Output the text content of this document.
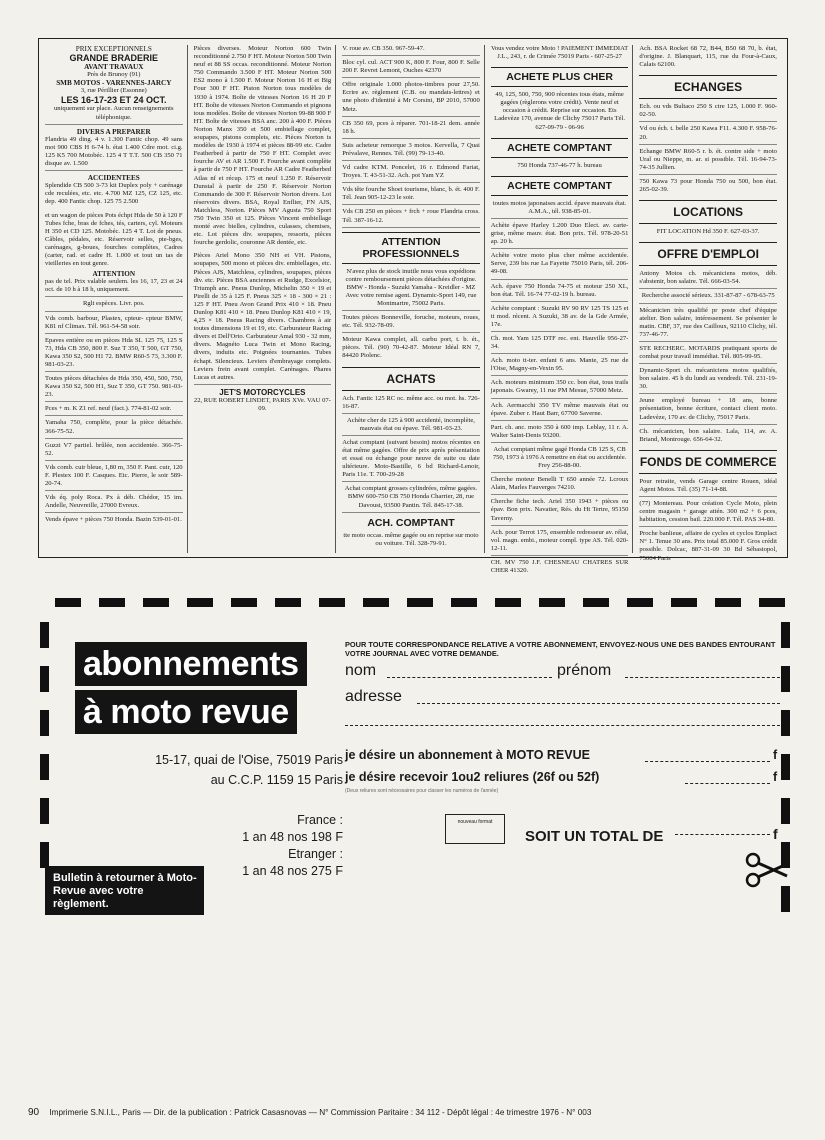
PRIX EXCEPTIONNELS
GRANDE BRADERIE
AVANT TRAVAUX
Près de Brunoy (91)
SMB MOTOS - VARENNES-JARCY
3, rue Périllier (Essonne)
LES 16-17-23 ET 24 OCT.

uniquement sur place. Aucun renseignements téléphonique.

DIVERS A PREPARER

Flandria 49 ding. 4 v. 1.300 Fantic chop. 49 sans mot 900 CBS H 6-74 b. état 1.400 Cdre mot. ci.g. 125 K5 700 Motobéc. 125 4 T T.T. 500 CB 350 71 disque av. 1.500

ACCIDENTEES

Splendide CB 500 3-73 kit Duplex poly + carénage cde reculées, etc. etc. 4.700 MZ 125, CZ 125, etc. dep. 400 Fantic chop. 125 75 2.500

et un wagon de pièces Pots échpt Hda de 50 à 120 F Tubes fche, bras de fches, tés, carters, cyl. Moteurs H 350 et CD 125. Motobéc. 125 4 T. Lot de pneus. Câbles, pédales, etc. Réservoir selles, pte-bges, carénages, g-boues, fourches complètes, Cadres (carter, rad. et cadre H. 1.000 et tout un tas de vieilleries en tout genre.

ATTENTION

pas de tel. Prix valable seulem. les 16, 17, 23 et 24 oct. de 10 h à 18 h, uniquement.

Rglt espèces. Livr. pos.

Vds comb. barbour, Plastex, cpteur- cpteur BMW, K81 nf Climax. Tél. 961-54-58 soir.

Epaves entière ou en pièces Hda SL 125 75, 125 S 73, Hda CB 350, 800 F. Suz T 350, T 500, GT 750, Kawa 350 S2, 500 H1 72. BMW R60-5 73, 3.300 F. 981-03-23.

Toutes pièces détachées de Hda 350, 450, 500, 750, Kawa 350 S2, 500 H1, Suz T 350, GT 750. 981-03-23.

Pces + m. K Z1 ref. neuf (fact.). 774-81-02 soir.

Yamaha 750, complète, pour la pièce détachée. 366-75-52.

Guzzi V7 partiel. brûlée, non accidentée. 366-75-52.

Vds comb. cuir bleue, 1,80 m, 350 F. Pant. cuir, 120 F. Plestex 100 F. Casques. Etc. Pierre, le soir 589-20-74.

Vds éq. poly Roca. Px à déb. Chédor, 15 im. Andelle, Neuvreille, 27000 Evreux.

Vends épave + pièces 750 Honda. Bazin 539-01-01.

Pièces diverses. Moteur Norton 600 Twin reconditionné 2.750 F HT. Moteur Norton 500 Twin neuf et 88 SS occas. reconditionné. Moteur Norton 750 Commando 3.500 F HT. Moteur Norton 500 ES2 mono à 1.500 F. Moteur Norton 16 H et Big Four 300 F HT. Piston Norton tous modèles de 1930 à 1974. Boîte de vitesses Norton 16 H 20 F HT. Boîte de vitesses Norton Commando et pignons tous modèles. Boîte de vitesses Norton 99-88 900 F HT. Boîte de vitesses BSA anc. 200 à 400 F. Pièces Norton Manx 350 et 500 embiellage complet, soupapes, pistons complets, etc. Pièces Norton ts modèles de 1930 à 1974 et pièces 88-99 etc. Cadre Featherbed à partir de 750 F HT. Complet avec fourche AV et AR 1.500 F. Fourche avant complète à partir de 750 F HT. Fourche AR Cadre Featherbed Atlas nf et récup. 175 et neuf 1.250 F. Réservoir Dunstal à partir de 250 F. Réservoir Norton Commando de 300 F. Réservoir Norton divers. Lot réservoirs divers. BSA, Royal Enflier, FN AJS, Matchless, Norton. Pièces MV Agusta 750 Sport 750 Twin 350 et 125. Pièces Vincent embiellage monté avec bielles, cylindres, culasses, chemises, etc. Lot pièces div. soupapes, ressorts, pièces fourche gerdolic, couronne AR dentée, etc.

Pièces Ariel Mono 350 NH et VH. Pistons, soupapes, 500 mono et pièces div. embiellages, etc. Pièces AJS, Matchless, cylindres, soupapes, pièces div. etc. Pièces BSA anciennes et Rudge, Excelsior, Triumph anc. Pneus Dunlop, Michelin 350 × 19 et Pirelli de 35 à 125 F. Pneus 325 × 18 - 300 × 21 : 125 F HT. Pneu Avon Grand Prix 410 × 18. Pneu Dunlop K81 410 × 18. Pneu Dunlop K81 410 × 19, 4,25 × 18. Pneus Racing divers. Chambres à air toutes dimensions 19 et 19, etc. Carburateur Racing divers et Dell'Orto. Carburateur Amal 930 - 32 mm, divers. Magnéto Luca Twin et Mono Racing, divers, induits etc. Poignées tournantes. Tubes échapt. Silencieux. Leviers d'embrayage complets. Leviers frein avant complet. Carénages. Phares Lucas et autres.

JET'S MOTORCYCLES
22, RUE ROBERT LINDET, PARIS XVe. VAU 07-09.

V. roue av. CB 350. 967-59-47.

Bloc cyl. cul. ACT 900 K, 800 F. Four, 800 F. Selle 200 F. Revret Lemont, Ouches 42370

Offre originale 1.000 photos-timbres pour 27,50. Ecrire av. règlement (C.B. ou mandats-lettres) et une photo d'identité à Mr Corsini, BP 2010, 57000 Metz.

CB 350 69, pces à réparer. 701-18-21 dem. année 18 h.

Suis acheteur remorque 3 motos. Kervella, 7 Quai Prévalave, Rennes. Tél. (99) 79-13-40.

Vd cadre KTM. Poncelet, 16 r. Edmond Fariat, Troyes. T. 43-51-32. Ach. pot Yam YZ

Vds tête fourche Shoei tourisme, blanc, b. ét. 400 F. Tél. Jean 905-12-23 le soir.

Vds CB 250 en pièces + frch + roue Flandria cross. Tél. 387-16-12.

ATTENTION PROFESSIONNELS

N'avez plus de stock inutile nous vous expédions contre remboursement pièces détachées d'origine. BMW - Honda - Suzuki Yamaha - Kreidler - MZ Avec votre remise agent. Dynamic-Sport 149, rue Montmartre, 75002 Paris.

Toutes pièces Bonneville, foruche, moteurs, roues, etc. Tél. 932-78-09.

Moteur Kawa complet, all. carbu port, t. b. ét., pièces. Tél. (90) 70-42-87. Moteur Idéal RN 7, 84420 Piolenc.

ACHATS

Ach. Fantic 125 RC oc. même acc. ou mot. hs. 726-16-87.

Achète cher de 125 à 900 accidenté, incomplète, mauvais état ou épave. Tél. 981-03-23.

Achat comptant (suivant besoin) motos récentes en état même gagées. Offre de prix après présentation et essai ou échange pour neuve de suite ou date ultérieure. Moto-Bastille, 6 bd Richard-Lenoir, Paris 11e. T. 700-29-28

Achat comptant grosses cylindrées, même gagées. BMW 600-750 CB 750 Honda Charrier, 28, rue Davoust, 93500 Pantin. Tél. 845-17-38.

ACH. COMPTANT

tte moto occas. même gagée ou en reprise sur moto ou voiture. Tél. 328-79-91.

Vous vendez votre Moto ! PAIEMENT IMMEDIAT J.L., 243, r. de Crimée 75019 Paris - 607-25-27

ACHETE PLUS CHER

49, 125, 500, 750, 900 récentes tous états, même gagées (règlerons votre crédit). Vente neuf et occasion à crédit. Reprise sur occasion. Ets Ladevèze 170, avenue de Clichy 75017 Paris Tél. 627-09-79 - 06-96

ACHETE COMPTANT

750 Honda 737-46-77 h. bureau

ACHETE COMPTANT

toutes motos japonaises accid. épave mauvais état. A.M.A., tél. 938-85-01.

Achète épave Harley 1.200 Duo Elect. av. carte-grise, même mauv. état. Bon prix. Tél. 978-20-51 ap. 20 h.

Achète votre moto plus cher même accidentée. Serve, 239 bis rue La Fayette 75010 Paris, tél. 206-49-08.

Ach. épave 750 Honda 74-75 et moteur 250 XL, bon état. Tél. 16-74 77-02-19 h. bureau.

Achète comptant : Suzuki RV 90 RV 125 TS 125 et tt mod. récent. A Suzuki, 38 av. de la Gde Armée, 17e.

Ch. mot. Yam 125 DTF rec. ent. Hauville 956-27-34.

Ach. moto tt-ter. enfant 6 ans. Mante, 25 rue de l'Oise, Magny-en-Vexin 95.

Ach. moteurs minimum 350 cc. bon état, tous trails japonais. Gwarey, 11 rue PM Mesue, 57000 Metz.

Ach. Aermacchi 350 TV même mauvais état ou épave. Zuber r. Haut Barr, 67700 Saverne.

Part. ch. anc. moto 350 à 600 imp. Leblay, 11 r. A. Walter Saint-Denis 93200.

Achat comptant même gagé Honda CB 125 S, CB 750, 1973 à 1976 A remettre en état ou accidentée. Frey 256-88-00.

Cherche moteur Benelli T 650 année 72. Lcroux Alain, Marles Fauverges 74210.

Cherche fiche tech. Ariel 350 1943 + pièces ou épav. Bon prix. Navatier, Rés. du Ht Tertre, 95150 Taverny.

Ach. pour Terrot 175, ensemble redresseur av. rélai, vol. magn. embi., moteur compl. type AS. Tél. 020-12-11.

CH. MV 750 J.F. CHESNEAU CHATRES SUR CHER 41320.

Ach. BSA Rocket 68 72, B44, B50 68 70, b. état, d'origine. J. Blanquart, 115, rue du Four-à-Caux, Calais 62100.

ECHANGES

Ech. ou vds Bultaco 250 S ctre 125, 1.000 F. 960-02-50.

Vd ou éch. t. belle 250 Kawa F11. 4.300 F. 958-76-20.

Echange BMW R60-5 r. b. ét. contre side + moto Ural ou Nieppe, m. ar. si possible. Tél. 16-94-73-74-35 Jullien.

750 Kawa 73 pour Honda 750 ou 500, bon état. 265-02-39.

LOCATIONS

FIT LOCATION Hd 350 F. 627-03-37.

OFFRE D'EMPLOI

Antony Motos ch. mécaniciens motos, déb. s'abstenir, bon salaire. Tél. 666-03-54.

Recherche associé sérieux. 331-87-87 - 678-63-75

Mécanicien très qualifié pr poste chef d'équipe atelier. Bon salaire, intéressement. Se présenter le matin. CBF, 37, rue des Cailloux, 92110 Clichy, tél. 737-46-77.

STE RECHERC. MOTARDS pratiquant sports de combat pour travail immédiat. Tél. 805-99-95.

Dynamic-Sport ch. mécaniciens motos qualifiés, bon salaire. 45 h du lundi au vendredi. Tél. 231-19-30.

Jeune employé bureau + 18 ans, bonne présentation, bonne écriture, contact client moto. Ladevèze, 170 av. de Clichy, 75017 Paris.

Ch. mécanicien, bon salaire. Lala, 114, av. A. Briand, Montrouge. 656-64-32.

FONDS DE COMMERCE

Pour retraite, vends Garage centre Rouen, idéal Agent Motos. Tél. (35) 71-14-88.

(77) Montereau. Pour création Cycle Moto, plein centre magasin + garage attén. 300 m2 + 6 pces, habitation, cession bail. 220.000 F. Tél. PAS 34-80.

Proche banlieue, affaire de cycles et cyclos Emplact N° 1. Tenue 30 ans. Prix total 85.000 F. Gros crédit possible. Dolcac, 887-31-09 30 Bd Sébastopol, 75004 Paris

abonnements
à moto revue
15-17, quai de l'Oise, 75019 Paris
au C.C.P. 1159 15 Paris
France :
1 an 48 nos 198 F
Etranger :
1 an 48 nos 275 F
Bulletin à retourner à Moto-Revue avec votre règlement.
POUR TOUTE CORRESPONDANCE RELATIVE A VOTRE ABONNEMENT, ENVOYEZ-NOUS UNE DES BANDES ENTOURANT VOTRE JOURNAL AVEC VOTRE DEMANDE.
nom	prénom
adresse
je désire un abonnement à MOTO REVUE	f
je désire recevoir 1ou2 reliures (26f ou 52f)	f
(Deux reliures sont nécessaires pour classer les numéros de l'année)
nouveau format
SOIT UN TOTAL DE	f
90 Imprimerie S.N.I.L., Paris — Dir. de la publication : Patrick Casasnovas — N° Commission Paritaire : 34 112 - Dépôt légal : 4e trimestre 1976 - N° 003
